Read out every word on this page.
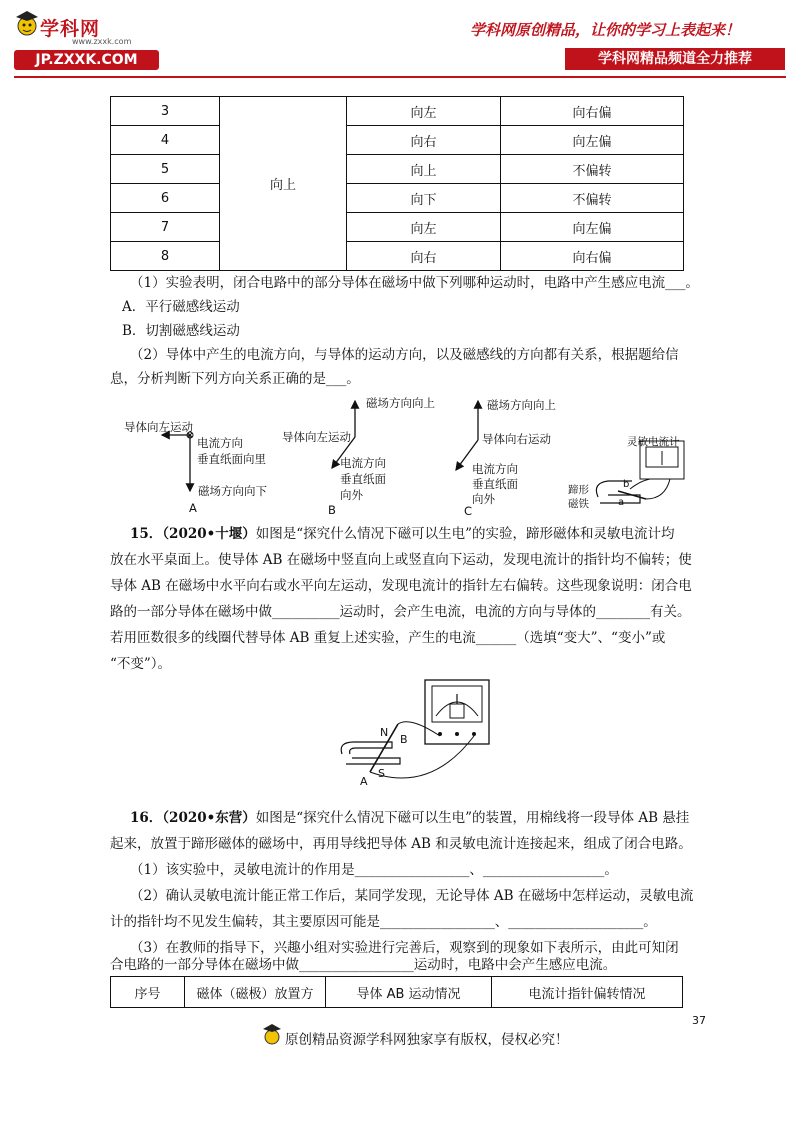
学科网
www.zxxk.com
JP.ZXXK.COM
学科网原创精品，让你的学习上表起来！
学科网精品频道全力推荐
3	向上	向左	向右偏
4		向右	向左偏
5		向上	不偏转
6		向下	不偏转
7		向左	向左偏
8		向右	向右偏
（1）实验表明，闭合电路中的部分导体在磁场中做下列哪种运动时，电路中产生感应电流___。
A．平行磁感线运动
B．切割磁感线运动
（2）导体中产生的电流方向，与导体的运动方向，以及磁感线的方向都有关系，根据题给信
息，分析判断下列方向关系正确的是___。
导体向左运动
电流方向
垂直纸面向里
磁场方向向下
A
磁场方向向上
导体向左运动
电流方向
垂直纸面
向外
B
磁场方向向上
导体向右运动
电流方向
垂直纸面
向外
C
灵敏电流计
蹄形
磁铁
b
a
15．（2020•十堰）如图是“探究什么情况下磁可以生电”的实验，蹄形磁体和灵敏电流计均
放在水平桌面上。使导体 AB 在磁场中竖直向上或竖直向下运动，发现电流计的指针均不偏转；使
导体 AB 在磁场中水平向右或水平向左运动，发现电流计的指针左右偏转。这些现象说明：闭合电
路的一部分导体在磁场中做__________运动时，会产生电流，电流的方向与导体的________有关。
若用匝数很多的线圈代替导体 AB 重复上述实验，产生的电流______（选填“变大”、“变小”或
“不变”）。
N
B
A
S
16．（2020•东营）如图是“探究什么情况下磁可以生电”的装置，用棉线将一段导体 AB 悬挂
起来，放置于蹄形磁体的磁场中，再用导线把导体 AB 和灵敏电流计连接起来，组成了闭合电路。
（1）该实验中，灵敏电流计的作用是_________________、__________________。
（2）确认灵敏电流计能正常工作后，某同学发现，无论导体 AB 在磁场中怎样运动，灵敏电流
计的指针均不见发生偏转，其主要原因可能是_________________、____________________。
（3）在教师的指导下，兴趣小组对实验进行完善后，观察到的现象如下表所示，由此可知闭
合电路的一部分导体在磁场中做_________________运动时，电路中会产生感应电流。
序号	磁体（磁极）放置方	导体 AB 运动情况	电流计指针偏转情况
37
原创精品资源学科网独家享有版权，侵权必究！
